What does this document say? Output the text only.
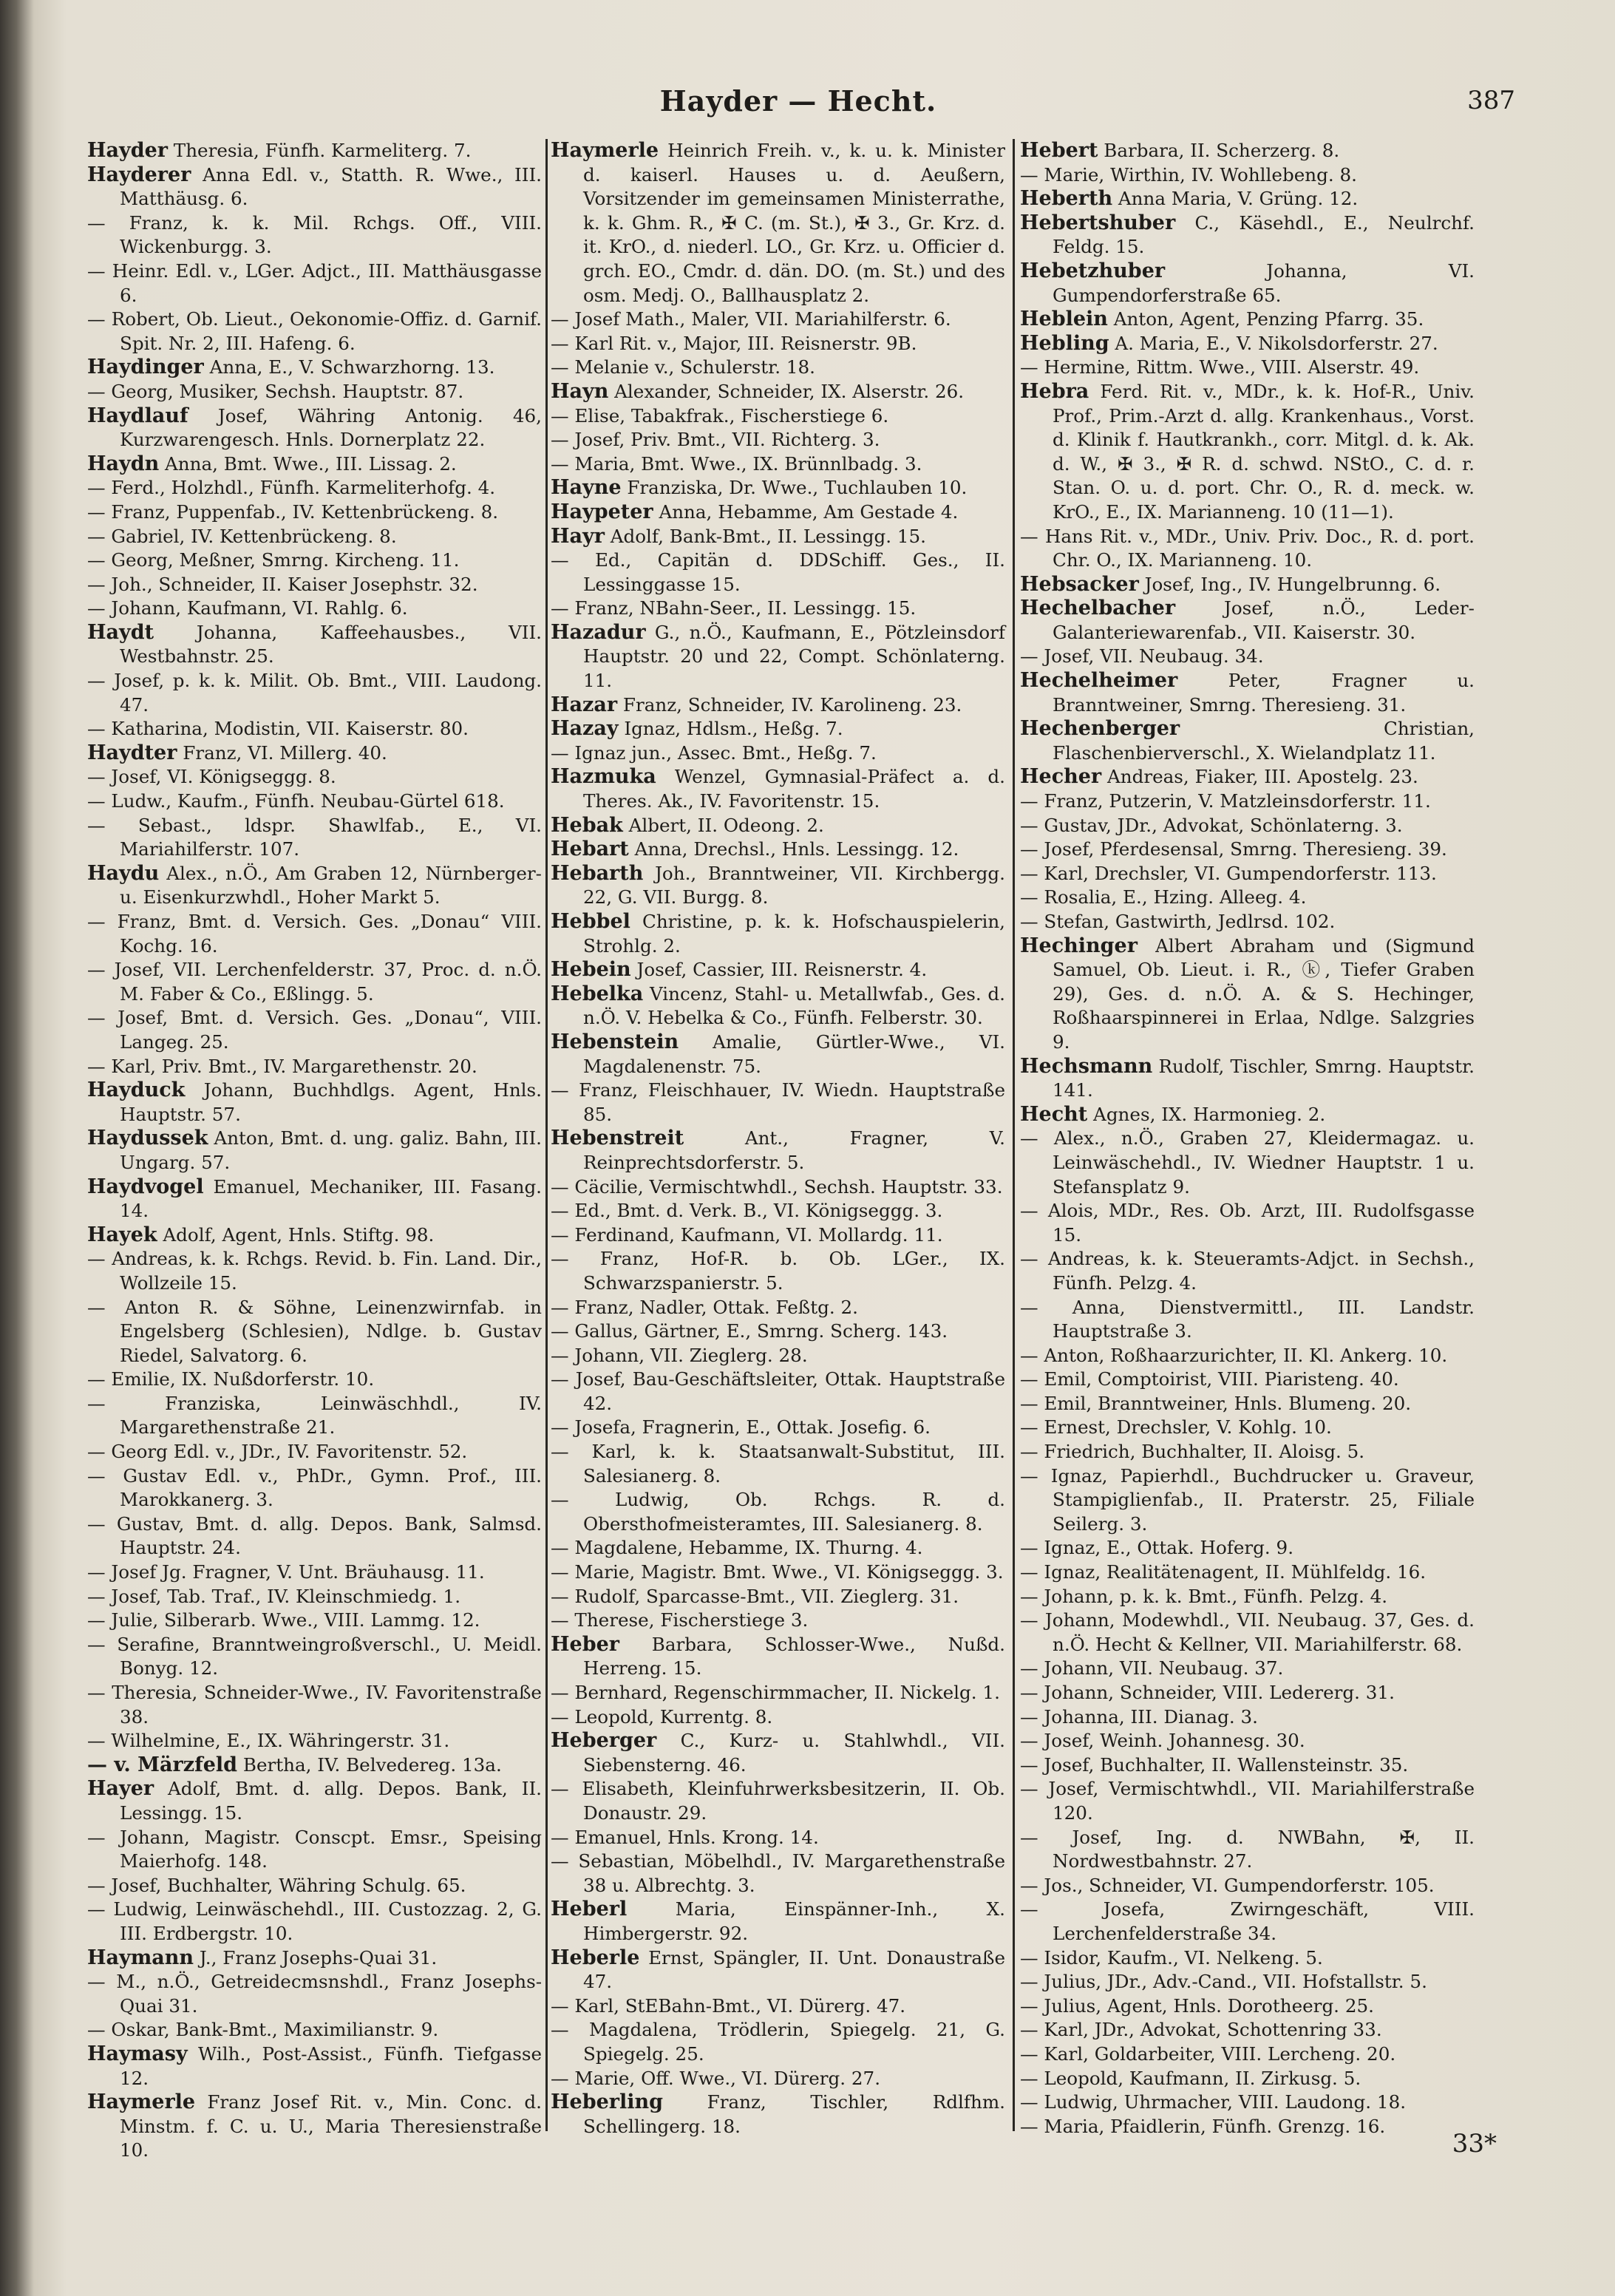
Hayder — Hecht.	387

Hayder Theresia, Fünfh. Karmeliterg. 7.

Hayderer Anna Edl. v., Statth. R. Wwe., III. Matthäusg. 6.

— Franz, k. k. Mil. Rchgs. Off., VIII. Wickenburgg. 3.

— Heinr. Edl. v., LGer. Adjct., III. Matthäusgasse 6.

— Robert, Ob. Lieut., Oekonomie-Offiz. d. Garnif. Spit. Nr. 2, III. Hafeng. 6.

Haydinger Anna, E., V. Schwarzhorng. 13.

— Georg, Musiker, Sechsh. Hauptstr. 87.

Haydlauf Josef, Währing Antonig. 46, Kurzwarengesch. Hnls. Dornerplatz 22.

Haydn Anna, Bmt. Wwe., III. Lissag. 2.

— Ferd., Holzhdl., Fünfh. Karmeliterhofg. 4.

— Franz, Puppenfab., IV. Kettenbrückeng. 8.

— Gabriel, IV. Kettenbrückeng. 8.

— Georg, Meßner, Smrng. Kircheng. 11.

— Joh., Schneider, II. Kaiser Josephstr. 32.

— Johann, Kaufmann, VI. Rahlg. 6.

Haydt Johanna, Kaffeehausbes., VII. Westbahnstr. 25.

— Josef, p. k. k. Milit. Ob. Bmt., VIII. Laudong. 47.

— Katharina, Modistin, VII. Kaiserstr. 80.

Haydter Franz, VI. Millerg. 40.

— Josef, VI. Königseggg. 8.

— Ludw., Kaufm., Fünfh. Neubau-Gürtel 618.

— Sebast., ldspr. Shawlfab., E., VI. Mariahilferstr. 107.

Haydu Alex., n.Ö., Am Graben 12, Nürnberger- u. Eisenkurzwhdl., Hoher Markt 5.

— Franz, Bmt. d. Versich. Ges. „Donau“ VIII. Kochg. 16.

— Josef, VII. Lerchenfelderstr. 37, Proc. d. n.Ö. M. Faber & Co., Eßlingg. 5.

— Josef, Bmt. d. Versich. Ges. „Donau“, VIII. Langeg. 25.

— Karl, Priv. Bmt., IV. Margarethenstr. 20.

Hayduck Johann, Buchhdlgs. Agent, Hnls. Hauptstr. 57.

Haydussek Anton, Bmt. d. ung. galiz. Bahn, III. Ungarg. 57.

Haydvogel Emanuel, Mechaniker, III. Fasang. 14.

Hayek Adolf, Agent, Hnls. Stiftg. 98.

— Andreas, k. k. Rchgs. Revid. b. Fin. Land. Dir., Wollzeile 15.

— Anton R. & Söhne, Leinenzwirnfab. in Engelsberg (Schlesien), Ndlge. b. Gustav Riedel, Salvatorg. 6.

— Emilie, IX. Nußdorferstr. 10.

— Franziska, Leinwäschhdl., IV. Margarethenstraße 21.

— Georg Edl. v., JDr., IV. Favoritenstr. 52.

— Gustav Edl. v., PhDr., Gymn. Prof., III. Marokkanerg. 3.

— Gustav, Bmt. d. allg. Depos. Bank, Salmsd. Hauptstr. 24.

— Josef Jg. Fragner, V. Unt. Bräuhausg. 11.

— Josef, Tab. Traf., IV. Kleinschmiedg. 1.

— Julie, Silberarb. Wwe., VIII. Lammg. 12.

— Serafine, Branntweingroßverschl., U. Meidl. Bonyg. 12.

— Theresia, Schneider-Wwe., IV. Favoritenstraße 38.

— Wilhelmine, E., IX. Währingerstr. 31.

— v. Märzfeld Bertha, IV. Belvedereg. 13a.

Hayer Adolf, Bmt. d. allg. Depos. Bank, II. Lessingg. 15.

— Johann, Magistr. Conscpt. Emsr., Speising Maierhofg. 148.

— Josef, Buchhalter, Währing Schulg. 65.

— Ludwig, Leinwäschehdl., III. Custozzag. 2, G. III. Erdbergstr. 10.

Haymann J., Franz Josephs-Quai 31.

— M., n.Ö., Getreidecmsnshdl., Franz Josephs-Quai 31.

— Oskar, Bank-Bmt., Maximilianstr. 9.

Haymasy Wilh., Post-Assist., Fünfh. Tiefgasse 12.

Haymerle Franz Josef Rit. v., Min. Conc. d. Minstm. f. C. u. U., Maria Theresienstraße 10.

Haymerle Heinrich Freih. v., k. u. k. Minister d. kaiserl. Hauses u. d. Aeußern, Vorsitzender im gemeinsamen Ministerrathe, k. k. Ghm. R., ✠ C. (m. St.), ✠ 3., Gr. Krz. d. it. KrO., d. niederl. LO., Gr. Krz. u. Officier d. grch. EO., Cmdr. d. dän. DO. (m. St.) und des osm. Medj. O., Ballhausplatz 2.

— Josef Math., Maler, VII. Mariahilferstr. 6.

— Karl Rit. v., Major, III. Reisnerstr. 9B.

— Melanie v., Schulerstr. 18.

Hayn Alexander, Schneider, IX. Alserstr. 26.

— Elise, Tabakfrak., Fischerstiege 6.

— Josef, Priv. Bmt., VII. Richterg. 3.

— Maria, Bmt. Wwe., IX. Brünnlbadg. 3.

Hayne Franziska, Dr. Wwe., Tuchlauben 10.

Haypeter Anna, Hebamme, Am Gestade 4.

Hayr Adolf, Bank-Bmt., II. Lessingg. 15.

— Ed., Capitän d. DDSchiff. Ges., II. Lessinggasse 15.

— Franz, NBahn-Seer., II. Lessingg. 15.

Hazadur G., n.Ö., Kaufmann, E., Pötzleinsdorf Hauptstr. 20 und 22, Compt. Schönlaterng. 11.

Hazar Franz, Schneider, IV. Karolineng. 23.

Hazay Ignaz, Hdlsm., Heßg. 7.

— Ignaz jun., Assec. Bmt., Heßg. 7.

Hazmuka Wenzel, Gymnasial-Präfect a. d. Theres. Ak., IV. Favoritenstr. 15.

Hebak Albert, II. Odeong. 2.

Hebart Anna, Drechsl., Hnls. Lessingg. 12.

Hebarth Joh., Branntweiner, VII. Kirchbergg. 22, G. VII. Burgg. 8.

Hebbel Christine, p. k. k. Hofschauspielerin, Strohlg. 2.

Hebein Josef, Cassier, III. Reisnerstr. 4.

Hebelka Vincenz, Stahl- u. Metallwfab., Ges. d. n.Ö. V. Hebelka & Co., Fünfh. Felberstr. 30.

Hebenstein Amalie, Gürtler-Wwe., VI. Magdalenenstr. 75.

— Franz, Fleischhauer, IV. Wiedn. Hauptstraße 85.

Hebenstreit Ant., Fragner, V. Reinprechtsdorferstr. 5.

— Cäcilie, Vermischtwhdl., Sechsh. Hauptstr. 33.

— Ed., Bmt. d. Verk. B., VI. Königseggg. 3.

— Ferdinand, Kaufmann, VI. Mollardg. 11.

— Franz, Hof-R. b. Ob. LGer., IX. Schwarzspanierstr. 5.

— Franz, Nadler, Ottak. Feßtg. 2.

— Gallus, Gärtner, E., Smrng. Scherg. 143.

— Johann, VII. Zieglerg. 28.

— Josef, Bau-Geschäftsleiter, Ottak. Hauptstraße 42.

— Josefa, Fragnerin, E., Ottak. Josefig. 6.

— Karl, k. k. Staatsanwalt-Substitut, III. Salesianerg. 8.

— Ludwig, Ob. Rchgs. R. d. Obersthofmeisteramtes, III. Salesianerg. 8.

— Magdalene, Hebamme, IX. Thurng. 4.

— Marie, Magistr. Bmt. Wwe., VI. Königseggg. 3.

— Rudolf, Sparcasse-Bmt., VII. Zieglerg. 31.

— Therese, Fischerstiege 3.

Heber Barbara, Schlosser-Wwe., Nußd. Herreng. 15.

— Bernhard, Regenschirmmacher, II. Nickelg. 1.

— Leopold, Kurrentg. 8.

Heberger C., Kurz- u. Stahlwhdl., VII. Siebensterng. 46.

— Elisabeth, Kleinfuhrwerksbesitzerin, II. Ob. Donaustr. 29.

— Emanuel, Hnls. Krong. 14.

— Sebastian, Möbelhdl., IV. Margarethenstraße 38 u. Albrechtg. 3.

Heberl Maria, Einspänner-Inh., X. Himbergerstr. 92.

Heberle Ernst, Spängler, II. Unt. Donaustraße 47.

— Karl, StEBahn-Bmt., VI. Dürerg. 47.

— Magdalena, Trödlerin, Spiegelg. 21, G. Spiegelg. 25.

— Marie, Off. Wwe., VI. Dürerg. 27.

Heberling Franz, Tischler, Rdlfhm. Schellingerg. 18.

Hebert Barbara, II. Scherzerg. 8.

— Marie, Wirthin, IV. Wohllebeng. 8.

Heberth Anna Maria, V. Grüng. 12.

Hebertshuber C., Käsehdl., E., Neulrchf. Feldg. 15.

Hebetzhuber Johanna, VI. Gumpendorferstraße 65.

Heblein Anton, Agent, Penzing Pfarrg. 35.

Hebling A. Maria, E., V. Nikolsdorferstr. 27.

— Hermine, Rittm. Wwe., VIII. Alserstr. 49.

Hebra Ferd. Rit. v., MDr., k. k. Hof-R., Univ. Prof., Prim.-Arzt d. allg. Krankenhaus., Vorst. d. Klinik f. Hautkrankh., corr. Mitgl. d. k. Ak. d. W., ✠ 3., ✠ R. d. schwd. NStO., C. d. r. Stan. O. u. d. port. Chr. O., R. d. meck. w. KrO., E., IX. Marianneng. 10 (11—1).

— Hans Rit. v., MDr., Univ. Priv. Doc., R. d. port. Chr. O., IX. Marianneng. 10.

Hebsacker Josef, Ing., IV. Hungelbrunng. 6.

Hechelbacher Josef, n.Ö., Leder-Galanteriewarenfab., VII. Kaiserstr. 30.

— Josef, VII. Neubaug. 34.

Hechelheimer Peter, Fragner u. Branntweiner, Smrng. Theresieng. 31.

Hechenberger Christian, Flaschenbierverschl., X. Wielandplatz 11.

Hecher Andreas, Fiaker, III. Apostelg. 23.

— Franz, Putzerin, V. Matzleinsdorferstr. 11.

— Gustav, JDr., Advokat, Schönlaterng. 3.

— Josef, Pferdesensal, Smrng. Theresieng. 39.

— Karl, Drechsler, VI. Gumpendorferstr. 113.

— Rosalia, E., Hzing. Alleeg. 4.

— Stefan, Gastwirth, Jedlrsd. 102.

Hechinger Albert Abraham und (Sigmund Samuel, Ob. Lieut. i. R., ⓚ, Tiefer Graben 29), Ges. d. n.Ö. A. & S. Hechinger, Roßhaarspinnerei in Erlaa, Ndlge. Salzgries 9.

Hechsmann Rudolf, Tischler, Smrng. Hauptstr. 141.

Hecht Agnes, IX. Harmonieg. 2.

— Alex., n.Ö., Graben 27, Kleidermagaz. u. Leinwäschehdl., IV. Wiedner Hauptstr. 1 u. Stefansplatz 9.

— Alois, MDr., Res. Ob. Arzt, III. Rudolfsgasse 15.

— Andreas, k. k. Steueramts-Adjct. in Sechsh., Fünfh. Pelzg. 4.

— Anna, Dienstvermittl., III. Landstr. Hauptstraße 3.

— Anton, Roßhaarzurichter, II. Kl. Ankerg. 10.

— Emil, Comptoirist, VIII. Piaristeng. 40.

— Emil, Branntweiner, Hnls. Blumeng. 20.

— Ernest, Drechsler, V. Kohlg. 10.

— Friedrich, Buchhalter, II. Aloisg. 5.

— Ignaz, Papierhdl., Buchdrucker u. Graveur, Stampiglienfab., II. Praterstr. 25, Filiale Seilerg. 3.

— Ignaz, E., Ottak. Hoferg. 9.

— Ignaz, Realitätenagent, II. Mühlfeldg. 16.

— Johann, p. k. k. Bmt., Fünfh. Pelzg. 4.

— Johann, Modewhdl., VII. Neubaug. 37, Ges. d. n.Ö. Hecht & Kellner, VII. Mariahilferstr. 68.

— Johann, VII. Neubaug. 37.

— Johann, Schneider, VIII. Ledererg. 31.

— Johanna, III. Dianag. 3.

— Josef, Weinh. Johannesg. 30.

— Josef, Buchhalter, II. Wallensteinstr. 35.

— Josef, Vermischtwhdl., VII. Mariahilferstraße 120.

— Josef, Ing. d. NWBahn, ✠, II. Nordwestbahnstr. 27.

— Jos., Schneider, VI. Gumpendorferstr. 105.

— Josefa, Zwirngeschäft, VIII. Lerchenfelderstraße 34.

— Isidor, Kaufm., VI. Nelkeng. 5.

— Julius, JDr., Adv.-Cand., VII. Hofstallstr. 5.

— Julius, Agent, Hnls. Dorotheerg. 25.

— Karl, JDr., Advokat, Schottenring 33.

— Karl, Goldarbeiter, VIII. Lercheng. 20.

— Leopold, Kaufmann, II. Zirkusg. 5.

— Ludwig, Uhrmacher, VIII. Laudong. 18.

— Maria, Pfaidlerin, Fünfh. Grenzg. 16.

33*
